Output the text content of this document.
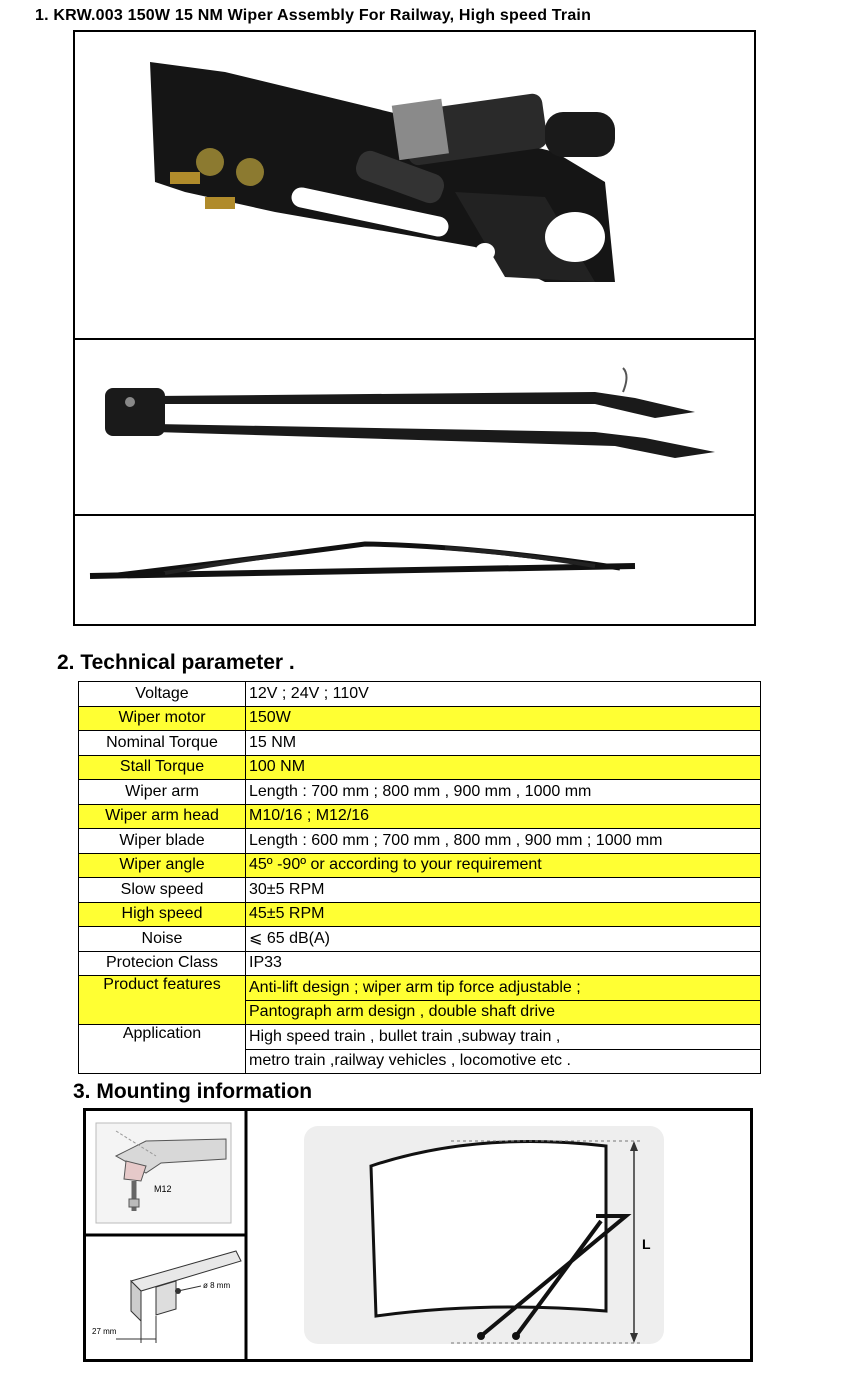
1. KRW.003 150W 15 NM Wiper Assembly For Railway, High speed Train
2. Technical parameter .
Voltage	12V ; 24V ; 110V
Wiper motor	150W
Nominal Torque	15 NM
Stall Torque	100 NM
Wiper arm	Length : 700 mm ; 800 mm , 900 mm , 1000 mm
Wiper arm head	M10/16 ; M12/16
Wiper blade	Length : 600 mm ; 700 mm , 800 mm , 900 mm ; 1000 mm
Wiper angle	45º -90º or according to your requirement
Slow speed	30±5 RPM
High speed	45±5 RPM
Noise	⩽ 65 dB(A)
Protecion Class	IP33
Product features	Anti-lift design ; wiper arm tip force adjustable ;
	Pantograph arm design , double shaft drive
Application	High speed train , bullet train ,subway train ,
	metro train ,railway vehicles , locomotive etc .
3. Mounting information
M12
ø 8 mm
27 mm
L
